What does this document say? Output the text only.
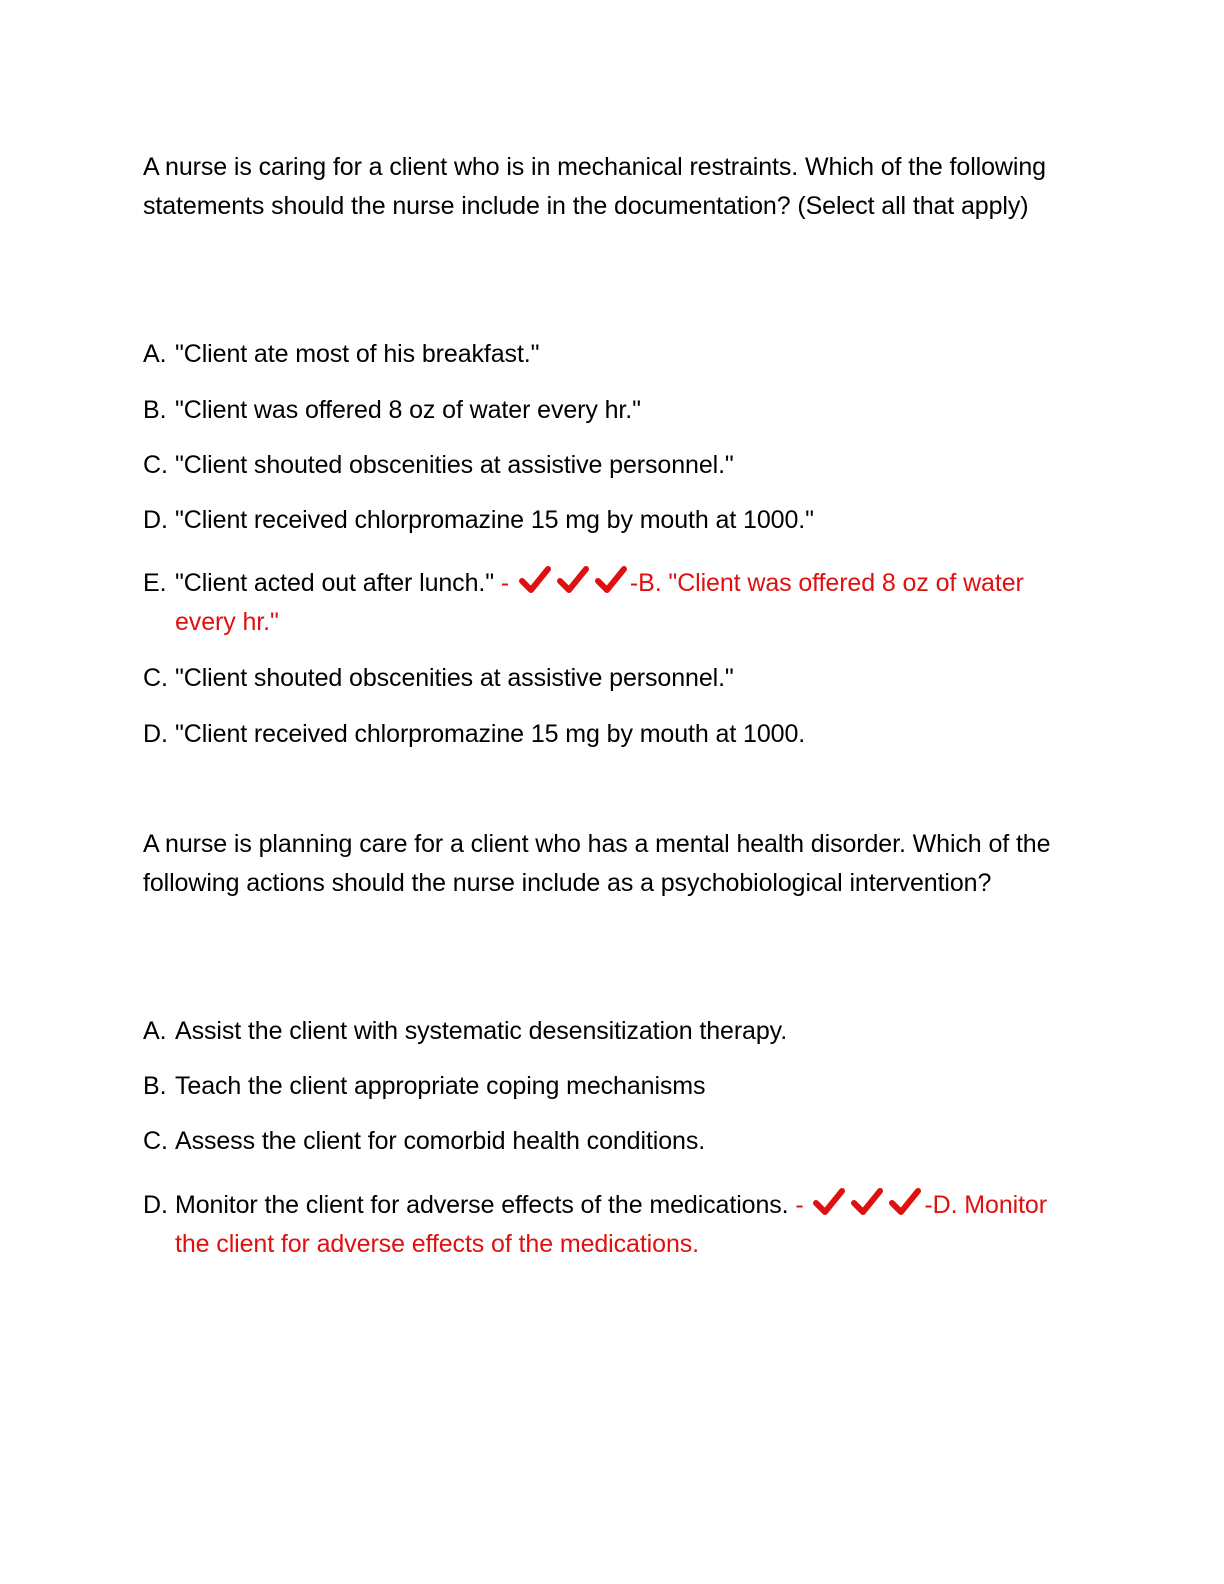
A nurse is caring for a client who is in mechanical restraints. Which of the following statements should the nurse include in the documentation? (Select all that apply)

A. "Client ate most of his breakfast."
B. "Client was offered 8 oz of water every hr."
C. "Client shouted obscenities at assistive personnel."
D. "Client received chlorpromazine 15 mg by mouth at 1000."
E. "Client acted out after lunch." -	-B. "Client was offered 8 oz of water every hr."
C. "Client shouted obscenities at assistive personnel."
D. "Client received chlorpromazine 15 mg by mouth at 1000.

A nurse is planning care for a client who has a mental health disorder. Which of the following actions should the nurse include as a psychobiological intervention?

A. Assist the client with systematic desensitization therapy.
B. Teach the client appropriate coping mechanisms
C. Assess the client for comorbid health conditions.
D. Monitor the client for adverse effects of the medications. -	-D. Monitor the client for adverse effects of the medications.
